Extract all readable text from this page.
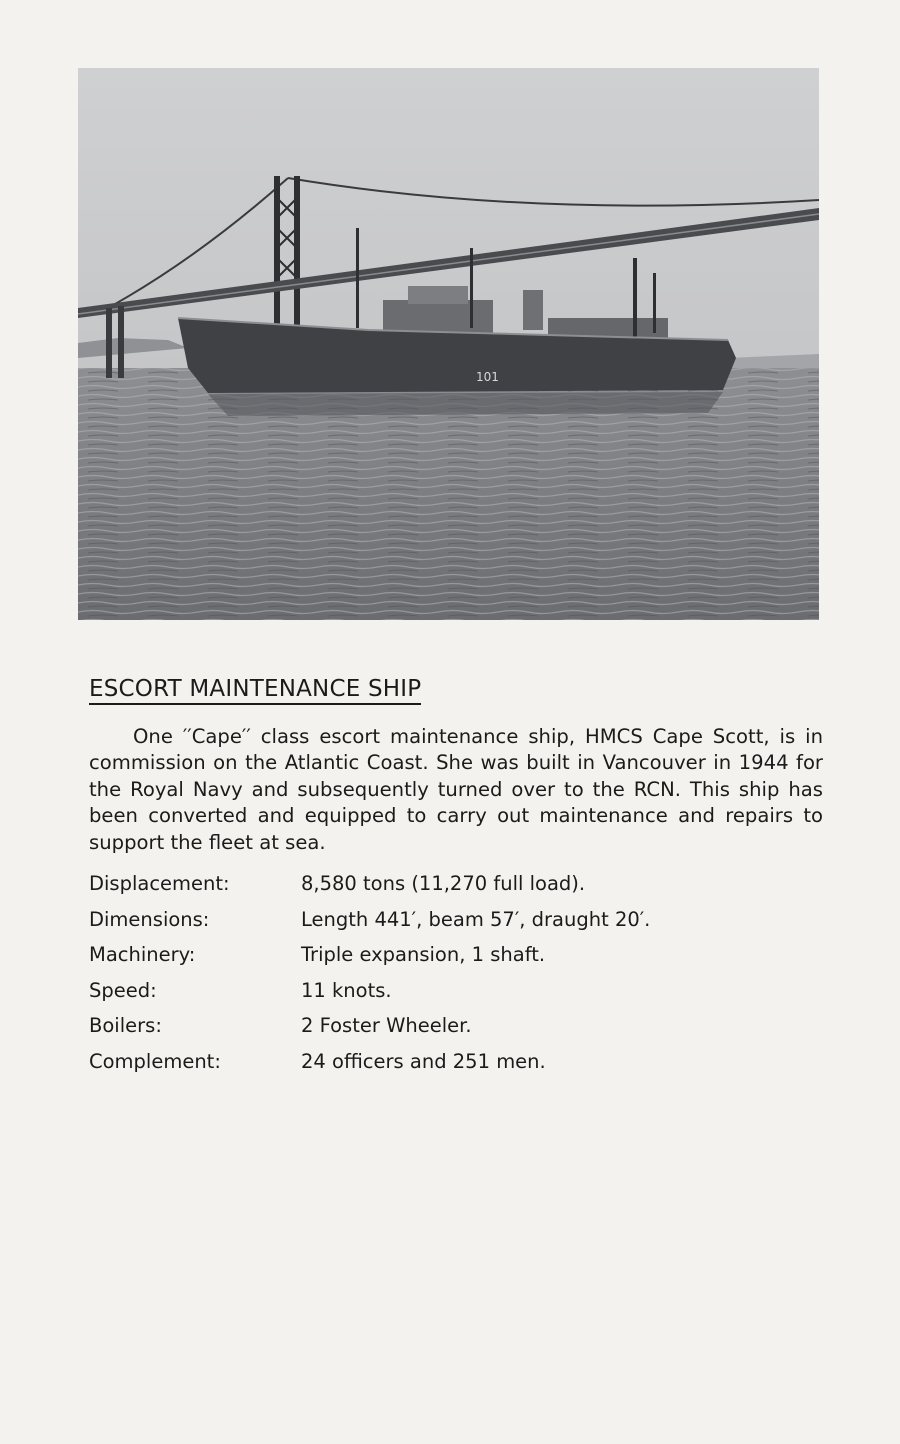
101
ESCORT MAINTENANCE SHIP

One ′′Cape′′ class escort maintenance ship, HMCS Cape Scott, is in commission on the Atlantic Coast. She was built in Vancouver in 1944 for the Royal Navy and subsequently turned over to the RCN. This ship has been converted and equipped to carry out maintenance and repairs to support the fleet at sea.

Displacement:	8,580 tons (11,270 full load).
Dimensions:	Length 441′, beam 57′, draught 20′.
Machinery:	Triple expansion, 1 shaft.
Speed:	11 knots.
Boilers:	2 Foster Wheeler.
Complement:	24 officers and 251 men.
